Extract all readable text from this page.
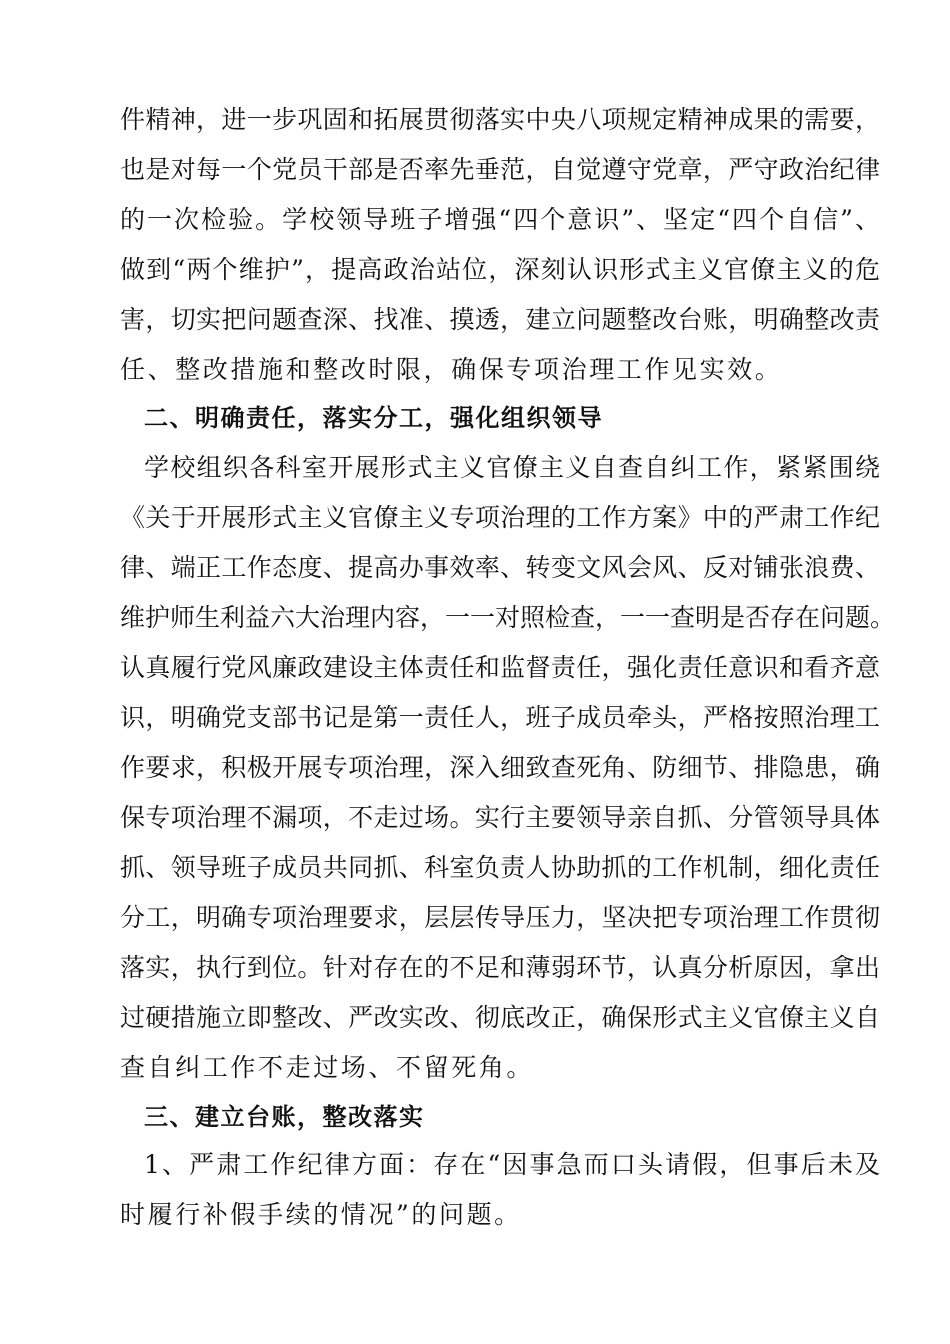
件精神，进一步巩固和拓展贯彻落实中央八项规定精神成果的需要，
也是对每一个党员干部是否率先垂范，自觉遵守党章，严守政治纪律
的一次检验。学校领导班子增强“四个意识”、坚定“四个自信”、
做到“两个维护”，提高政治站位，深刻认识形式主义官僚主义的危
害，切实把问题查深、找准、摸透，建立问题整改台账，明确整改责
任、整改措施和整改时限，确保专项治理工作见实效。
二、明确责任，落实分工，强化组织领导
学校组织各科室开展形式主义官僚主义自查自纠工作，紧紧围绕
《关于开展形式主义官僚主义专项治理的工作方案》中的严肃工作纪
律、端正工作态度、提高办事效率、转变文风会风、反对铺张浪费、
维护师生利益六大治理内容，一一对照检查，一一查明是否存在问题。
认真履行党风廉政建设主体责任和监督责任，强化责任意识和看齐意
识，明确党支部书记是第一责任人，班子成员牵头，严格按照治理工
作要求，积极开展专项治理，深入细致查死角、防细节、排隐患，确
保专项治理不漏项，不走过场。实行主要领导亲自抓、分管领导具体
抓、领导班子成员共同抓、科室负责人协助抓的工作机制，细化责任
分工，明确专项治理要求，层层传导压力，坚决把专项治理工作贯彻
落实，执行到位。针对存在的不足和薄弱环节，认真分析原因，拿出
过硬措施立即整改、严改实改、彻底改正，确保形式主义官僚主义自
查自纠工作不走过场、不留死角。
三、建立台账，整改落实
1、严肃工作纪律方面：存在“因事急而口头请假，但事后未及
时履行补假手续的情况”的问题。
